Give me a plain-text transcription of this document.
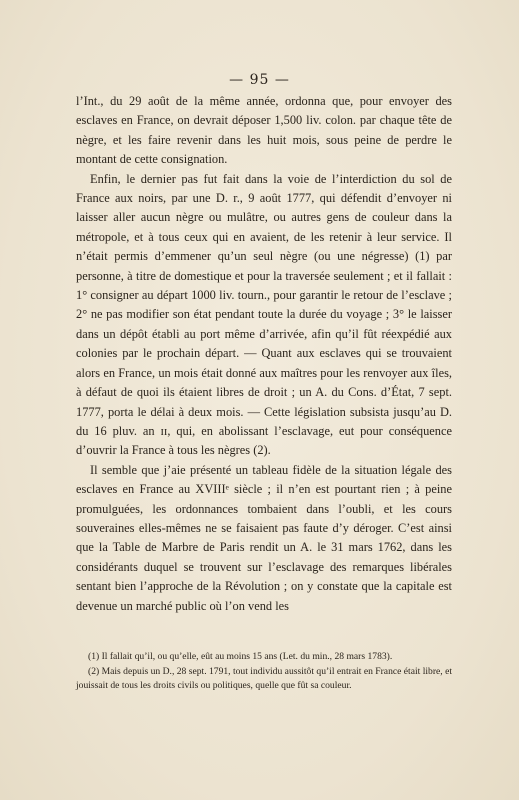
— 95 —

l’Int., du 29 août de la même année, ordonna que, pour envoyer des esclaves en France, on devrait déposer 1,500 liv. colon. par chaque tête de nègre, et les faire revenir dans les huit mois, sous peine de perdre le montant de cette consignation.

Enfin, le dernier pas fut fait dans la voie de l’interdiction du sol de France aux noirs, par une D. r., 9 août 1777, qui défendit d’envoyer ni laisser aller aucun nègre ou mulâtre, ou autres gens de couleur dans la métropole, et à tous ceux qui en avaient, de les retenir à leur service. Il n’était permis d’emmener qu’un seul nègre (ou une négresse) (1) par personne, à titre de domestique et pour la traversée seulement ; et il fallait : 1° consigner au départ 1000 liv. tourn., pour garantir le retour de l’esclave ; 2° ne pas modifier son état pendant toute la durée du voyage ; 3° le laisser dans un dépôt établi au port même d’arrivée, afin qu’il fût réexpédié aux colonies par le prochain départ. — Quant aux esclaves qui se trouvaient alors en France, un mois était donné aux maîtres pour les renvoyer aux îles, à défaut de quoi ils étaient libres de droit ; un A. du Cons. d’État, 7 sept. 1777, porta le délai à deux mois. — Cette législation subsista jusqu’au D. du 16 pluv. an ɪɪ, qui, en abolissant l’esclavage, eut pour conséquence d’ouvrir la France à tous les nègres (2).

Il semble que j’aie présenté un tableau fidèle de la situation légale des esclaves en France au XVIIIᵉ siècle ; il n’en est pourtant rien ; à peine promulguées, les ordonnances tombaient dans l’oubli, et les cours souveraines elles-mêmes ne se faisaient pas faute d’y déroger. C’est ainsi que la Table de Marbre de Paris rendit un A. le 31 mars 1762, dans les considérants duquel se trouvent sur l’esclavage des remarques libérales sentant bien l’approche de la Révolution ; on y constate que la capitale est devenue un marché public où l’on vend les

(1) Il fallait qu’il, ou qu’elle, eût au moins 15 ans (Let. du min., 28 mars 1783).

(2) Mais depuis un D., 28 sept. 1791, tout individu aussitôt qu’il entrait en France était libre, et jouissait de tous les droits civils ou politiques, quelle que fût sa couleur.
